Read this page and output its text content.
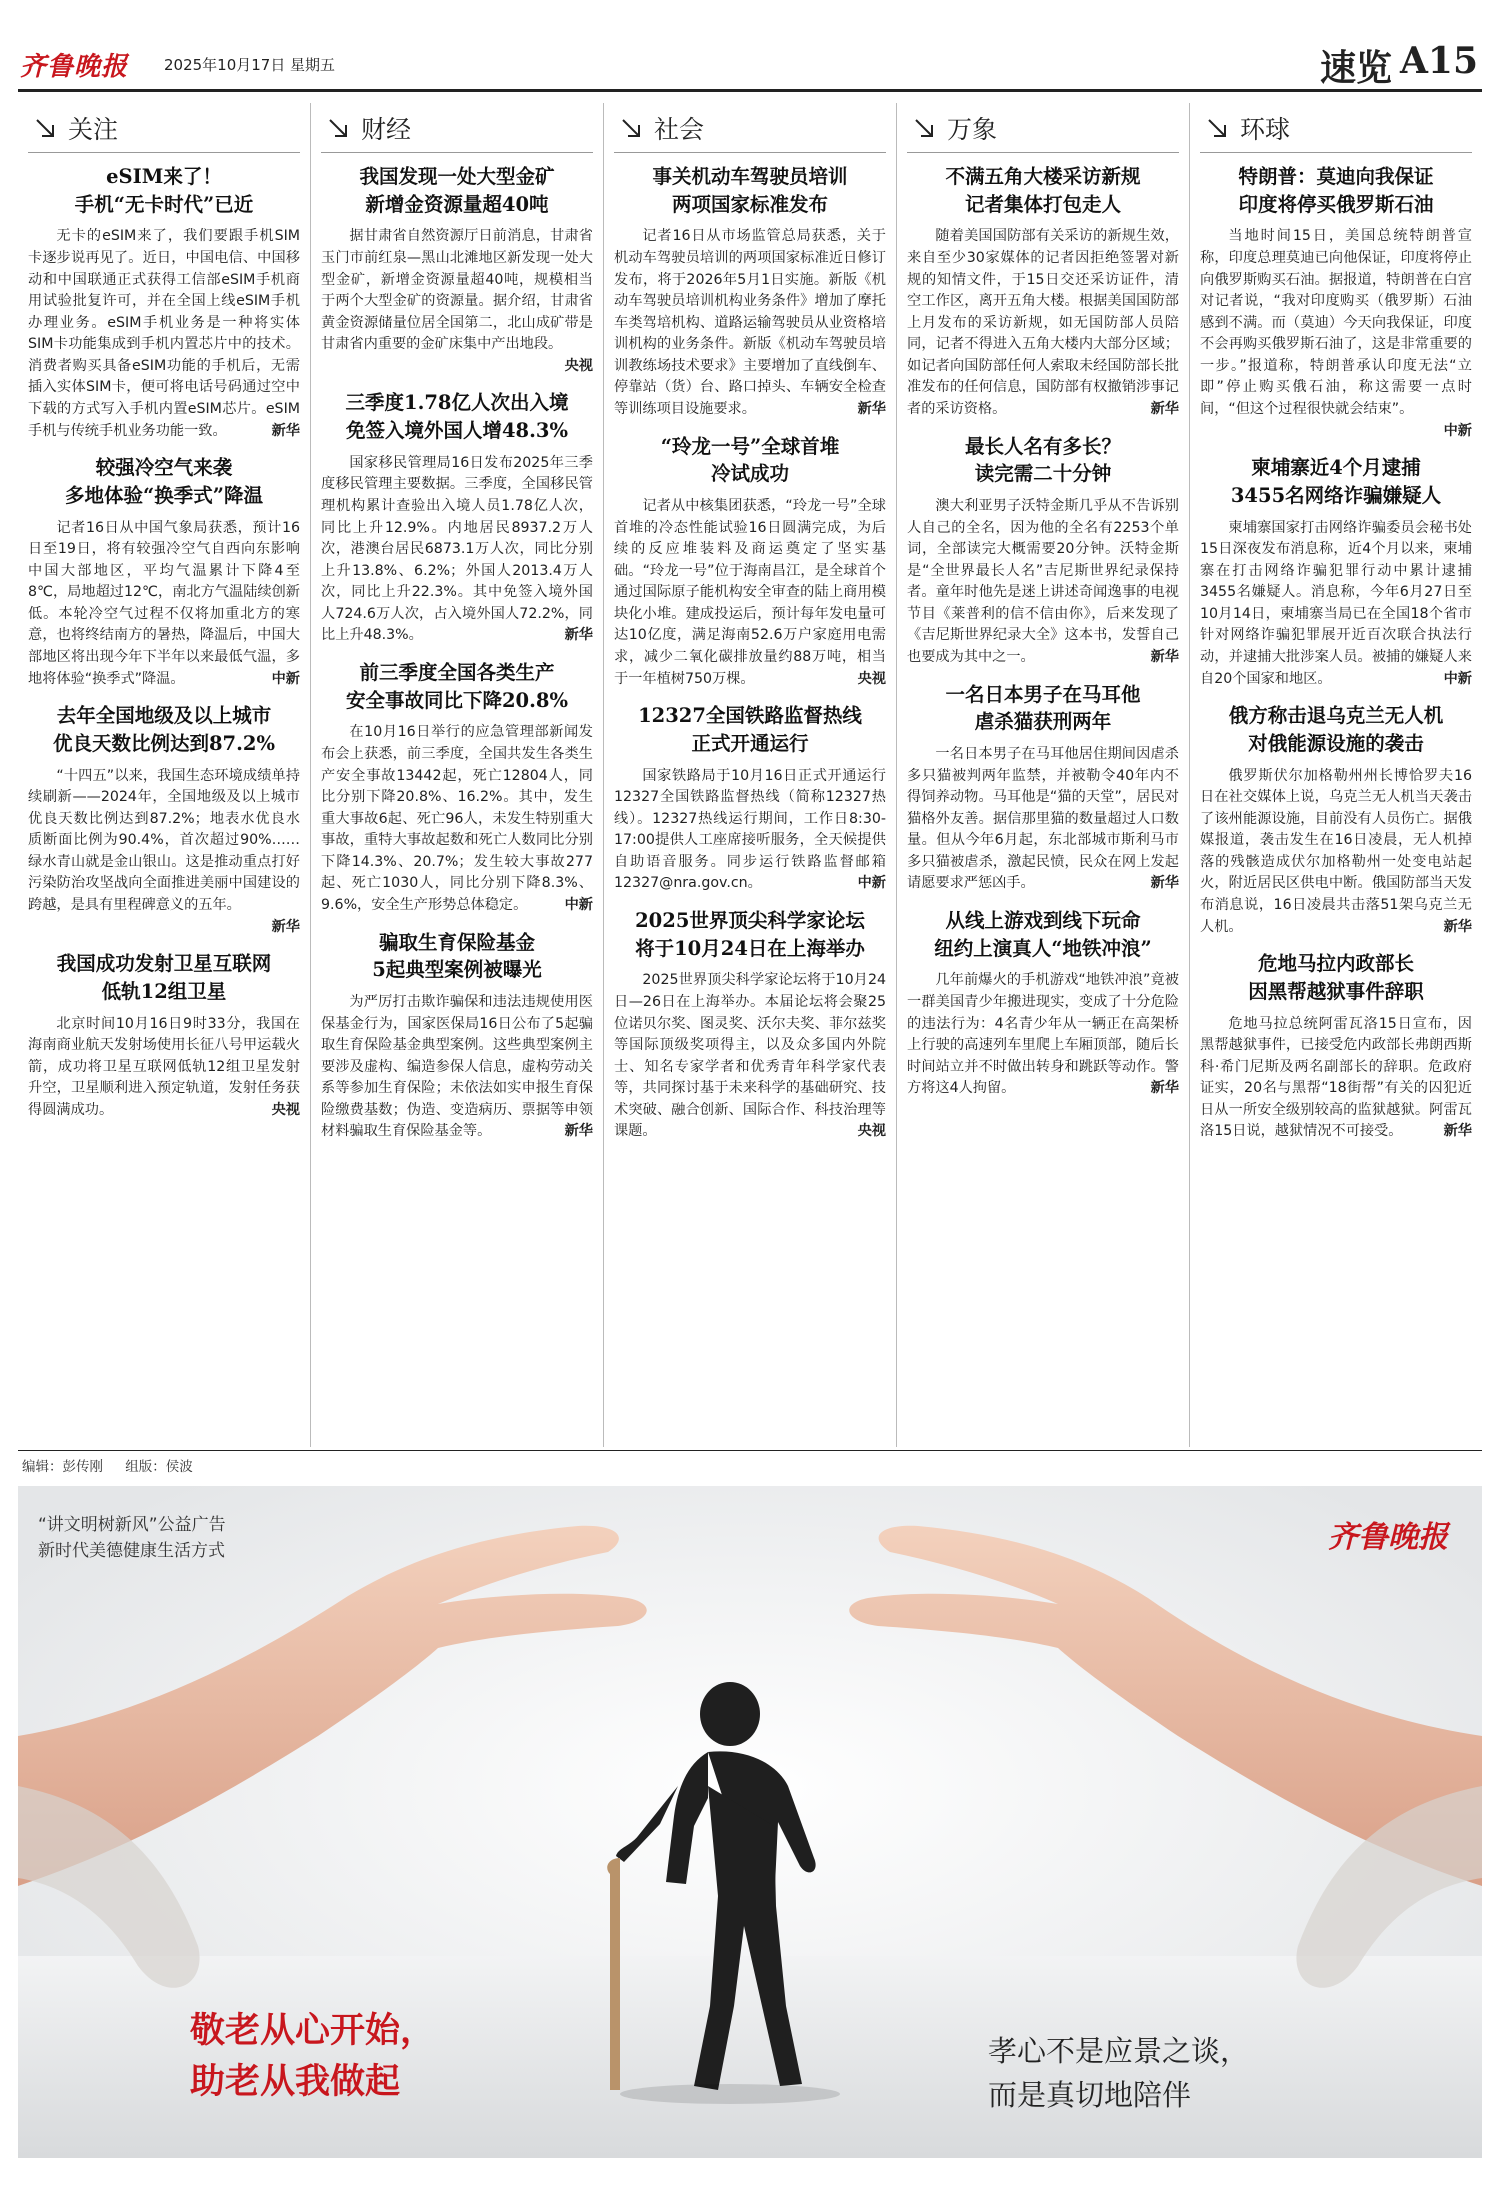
齐鲁晚报 2025年10月17日 星期五	速览 A15
关注
eSIM来了！
手机“无卡时代”已近

无卡的eSIM来了，我们要跟手机SIM卡逐步说再见了。近日，中国电信、中国移动和中国联通正式获得工信部eSIM手机商用试验批复许可，并在全国上线eSIM手机办理业务。eSIM手机业务是一种将实体SIM卡功能集成到手机内置芯片中的技术。消费者购买具备eSIM功能的手机后，无需插入实体SIM卡，便可将电话号码通过空中下载的方式写入手机内置eSIM芯片。eSIM手机与传统手机业务功能一致。	新华

较强冷空气来袭
多地体验“换季式”降温

记者16日从中国气象局获悉，预计16日至19日，将有较强冷空气自西向东影响中国大部地区，平均气温累计下降4至8℃，局地超过12℃，南北方气温陆续创新低。本轮冷空气过程不仅将加重北方的寒意，也将终结南方的暑热，降温后，中国大部地区将出现今年下半年以来最低气温，多地将体验“换季式”降温。	中新

去年全国地级及以上城市
优良天数比例达到87.2%

“十四五”以来，我国生态环境成绩单持续刷新——2024年，全国地级及以上城市优良天数比例达到87.2%；地表水优良水质断面比例为90.4%，首次超过90%……绿水青山就是金山银山。这是推动重点打好污染防治攻坚战向全面推进美丽中国建设的跨越，是具有里程碑意义的五年。
新华

我国成功发射卫星互联网
低轨12组卫星

北京时间10月16日9时33分，我国在海南商业航天发射场使用长征八号甲运载火箭，成功将卫星互联网低轨12组卫星发射升空，卫星顺利进入预定轨道，发射任务获得圆满成功。	央视

财经
我国发现一处大型金矿
新增金资源量超40吨

据甘肃省自然资源厅日前消息，甘肃省玉门市前红泉—黑山北滩地区新发现一处大型金矿，新增金资源量超40吨，规模相当于两个大型金矿的资源量。据介绍，甘肃省黄金资源储量位居全国第二，北山成矿带是甘肃省内重要的金矿床集中产出地段。
央视

三季度1.78亿人次出入境
免签入境外国人增48.3%

国家移民管理局16日发布2025年三季度移民管理主要数据。三季度，全国移民管理机构累计查验出入境人员1.78亿人次，同比上升12.9%。内地居民8937.2万人次，港澳台居民6873.1万人次，同比分别上升13.8%、6.2%；外国人2013.4万人次，同比上升22.3%。其中免签入境外国人724.6万人次，占入境外国人72.2%，同比上升48.3%。	新华

前三季度全国各类生产
安全事故同比下降20.8%

在10月16日举行的应急管理部新闻发布会上获悉，前三季度，全国共发生各类生产安全事故13442起，死亡12804人，同比分别下降20.8%、16.2%。其中，发生重大事故6起、死亡96人，未发生特别重大事故，重特大事故起数和死亡人数同比分别下降14.3%、20.7%；发生较大事故277起、死亡1030人，同比分别下降8.3%、9.6%，安全生产形势总体稳定。	中新

骗取生育保险基金
5起典型案例被曝光

为严厉打击欺诈骗保和违法违规使用医保基金行为，国家医保局16日公布了5起骗取生育保险基金典型案例。这些典型案例主要涉及虚构、编造参保人信息，虚构劳动关系等参加生育保险；未依法如实申报生育保险缴费基数；伪造、变造病历、票据等申领材料骗取生育保险基金等。	新华

社会
事关机动车驾驶员培训
两项国家标准发布

记者16日从市场监管总局获悉，关于机动车驾驶员培训的两项国家标准近日修订发布，将于2026年5月1日实施。新版《机动车驾驶员培训机构业务条件》增加了摩托车类驾培机构、道路运输驾驶员从业资格培训机构的业务条件。新版《机动车驾驶员培训教练场技术要求》主要增加了直线倒车、停靠站（货）台、路口掉头、车辆安全检查等训练项目设施要求。	新华

“玲龙一号”全球首堆
冷试成功

记者从中核集团获悉，“玲龙一号”全球首堆的冷态性能试验16日圆满完成，为后续的反应堆装料及商运奠定了坚实基础。“玲龙一号”位于海南昌江，是全球首个通过国际原子能机构安全审查的陆上商用模块化小堆。建成投运后，预计每年发电量可达10亿度，满足海南52.6万户家庭用电需求，减少二氧化碳排放量约88万吨，相当于一年植树750万棵。	央视

12327全国铁路监督热线
正式开通运行

国家铁路局于10月16日正式开通运行12327全国铁路监督热线（简称12327热线）。12327热线运行期间，工作日8:30-17:00提供人工座席接听服务，全天候提供自助语音服务。同步运行铁路监督邮箱12327@nra.gov.cn。	中新

2025世界顶尖科学家论坛
将于10月24日在上海举办

2025世界顶尖科学家论坛将于10月24日—26日在上海举办。本届论坛将会聚25位诺贝尔奖、图灵奖、沃尔夫奖、菲尔兹奖等国际顶级奖项得主，以及众多国内外院士、知名专家学者和优秀青年科学家代表等，共同探讨基于未来科学的基础研究、技术突破、融合创新、国际合作、科技治理等课题。	央视

万象
不满五角大楼采访新规
记者集体打包走人

随着美国国防部有关采访的新规生效，来自至少30家媒体的记者因拒绝签署对新规的知情文件，于15日交还采访证件，清空工作区，离开五角大楼。根据美国国防部上月发布的采访新规，如无国防部人员陪同，记者不得进入五角大楼内大部分区域；如记者向国防部任何人索取未经国防部长批准发布的任何信息，国防部有权撤销涉事记者的采访资格。	新华

最长人名有多长？
读完需二十分钟

澳大利亚男子沃特金斯几乎从不告诉别人自己的全名，因为他的全名有2253个单词，全部读完大概需要20分钟。沃特金斯是“全世界最长人名”吉尼斯世界纪录保持者。童年时他先是迷上讲述奇闻逸事的电视节目《莱普利的信不信由你》，后来发现了《吉尼斯世界纪录大全》这本书，发誓自己也要成为其中之一。	新华

一名日本男子在马耳他
虐杀猫获刑两年

一名日本男子在马耳他居住期间因虐杀多只猫被判两年监禁，并被勒令40年内不得饲养动物。马耳他是“猫的天堂”，居民对猫格外友善。据信那里猫的数量超过人口数量。但从今年6月起，东北部城市斯利马市多只猫被虐杀，激起民愤，民众在网上发起请愿要求严惩凶手。	新华

从线上游戏到线下玩命
纽约上演真人“地铁冲浪”

几年前爆火的手机游戏“地铁冲浪”竟被一群美国青少年搬进现实，变成了十分危险的违法行为：4名青少年从一辆正在高架桥上行驶的高速列车里爬上车厢顶部，随后长时间站立并不时做出转身和跳跃等动作。警方将这4人拘留。	新华

环球
特朗普：莫迪向我保证
印度将停买俄罗斯石油

当地时间15日，美国总统特朗普宣称，印度总理莫迪已向他保证，印度将停止向俄罗斯购买石油。据报道，特朗普在白宫对记者说，“我对印度购买（俄罗斯）石油感到不满。而（莫迪）今天向我保证，印度不会再购买俄罗斯石油了，这是非常重要的一步。”报道称，特朗普承认印度无法“立即”停止购买俄石油，称这需要一点时间，“但这个过程很快就会结束”。
中新

柬埔寨近4个月逮捕
3455名网络诈骗嫌疑人

柬埔寨国家打击网络诈骗委员会秘书处15日深夜发布消息称，近4个月以来，柬埔寨在打击网络诈骗犯罪行动中累计逮捕3455名嫌疑人。消息称，今年6月27日至10月14日，柬埔寨当局已在全国18个省市针对网络诈骗犯罪展开近百次联合执法行动，并逮捕大批涉案人员。被捕的嫌疑人来自20个国家和地区。	中新

俄方称击退乌克兰无人机
对俄能源设施的袭击

俄罗斯伏尔加格勒州州长博恰罗夫16日在社交媒体上说，乌克兰无人机当天袭击了该州能源设施，目前没有人员伤亡。据俄媒报道，袭击发生在16日凌晨，无人机掉落的残骸造成伏尔加格勒州一处变电站起火，附近居民区供电中断。俄国防部当天发布消息说，16日凌晨共击落51架乌克兰无人机。	新华

危地马拉内政部长
因黑帮越狱事件辞职

危地马拉总统阿雷瓦洛15日宣布，因黑帮越狱事件，已接受危内政部长弗朗西斯科·希门尼斯及两名副部长的辞职。危政府证实，20名与黑帮“18街帮”有关的囚犯近日从一所安全级别较高的监狱越狱。阿雷瓦洛15日说，越狱情况不可接受。	新华

编辑：彭传刚 组版：侯波
“讲文明树新风”公益广告
新时代美德健康生活方式	齐鲁晚报
敬老从心开始，
助老从我做起
孝心不是应景之谈，
而是真切地陪伴
